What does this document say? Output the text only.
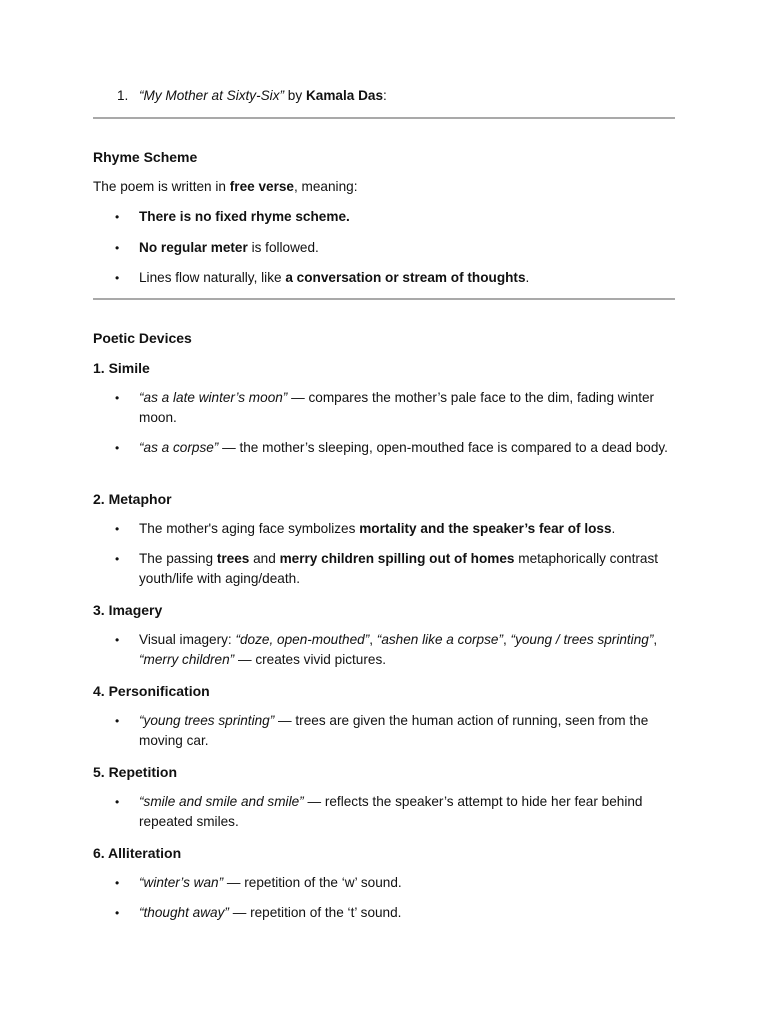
1. “My Mother at Sixty-Six” by Kamala Das:
Rhyme Scheme
The poem is written in free verse, meaning:
• There is no fixed rhyme scheme.
• No regular meter is followed.
• Lines flow naturally, like a conversation or stream of thoughts.
Poetic Devices
1. Simile
• “as a late winter’s moon” — compares the mother’s pale face to the dim, fading winter moon.
• “as a corpse” — the mother’s sleeping, open-mouthed face is compared to a dead body.
2. Metaphor
• The mother's aging face symbolizes mortality and the speaker’s fear of loss.
• The passing trees and merry children spilling out of homes metaphorically contrast youth/life with aging/death.
3. Imagery
• Visual imagery: “doze, open-mouthed”, “ashen like a corpse”, “young / trees sprinting”, “merry children” — creates vivid pictures.
4. Personification
• “young trees sprinting” — trees are given the human action of running, seen from the moving car.
5. Repetition
• “smile and smile and smile” — reflects the speaker’s attempt to hide her fear behind repeated smiles.
6. Alliteration
• “winter’s wan” — repetition of the ‘w’ sound.
• “thought away” — repetition of the ‘t’ sound.
